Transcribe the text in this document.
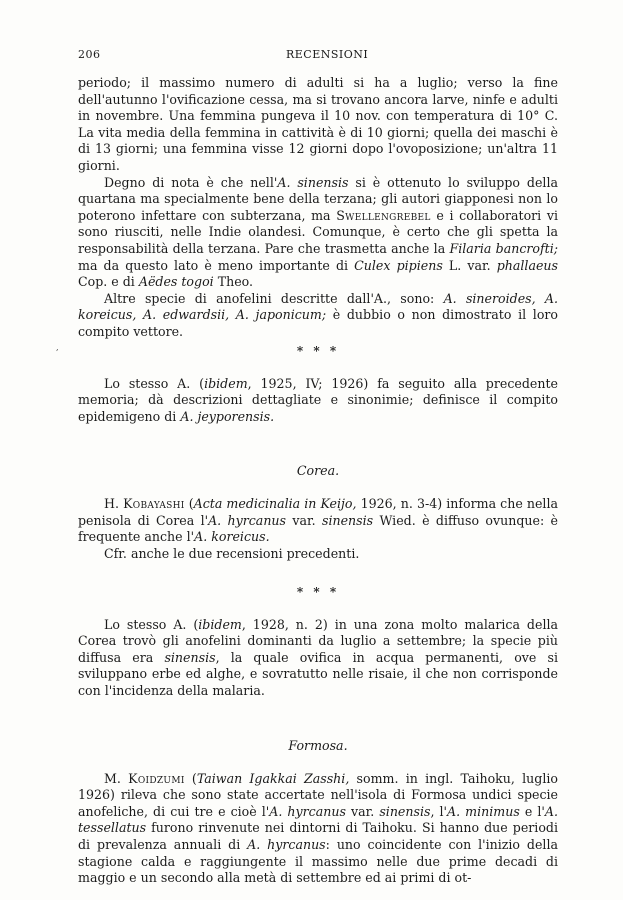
,
206	RECENSIONI

periodo; il massimo numero di adulti si ha a luglio; verso la fine dell'autunno l'ovificazione cessa, ma si trovano ancora larve, ninfe e adulti in novembre. Una femmina pungeva il 10 nov. con temperatura di 10° C. La vita media della femmina in cattività è di 10 giorni; quella dei maschi è di 13 giorni; una femmina visse 12 giorni dopo l'ovoposizione; un'altra 11 giorni.

Degno di nota è che nell'A. sinensis si è ottenuto lo sviluppo della quartana ma specialmente bene della terzana; gli autori giapponesi non lo poterono infettare con subterzana, ma Swellengrebel e i collaboratori vi sono riusciti, nelle Indie olandesi. Comunque, è certo che gli spetta la responsabilità della terzana. Pare che trasmetta anche la Filaria bancrofti; ma da questo lato è meno importante di Culex pipiens L. var. phallaeus Cop. e di Aëdes togoi Theo.

Altre specie di anofelini descritte dall'A., sono: A. sineroides, A. koreicus, A. edwardsii, A. japonicum; è dubbio o non dimostrato il loro compito vettore.

* * *

Lo stesso A. (ibidem, 1925, IV; 1926) fa seguito alla precedente memoria; dà descrizioni dettagliate e sinonimie; definisce il compito epidemigeno di A. jeyporensis.

Corea.

H. Kobayashi (Acta medicinalia in Keijo, 1926, n. 3-4) informa che nella penisola di Corea l'A. hyrcanus var. sinensis Wied. è diffuso ovunque: è frequente anche l'A. koreicus.

Cfr. anche le due recensioni precedenti.

* * *

Lo stesso A. (ibidem, 1928, n. 2) in una zona molto malarica della Corea trovò gli anofelini dominanti da luglio a settembre; la specie più diffusa era sinensis, la quale ovifica in acqua permanenti, ove si sviluppano erbe ed alghe, e sovratutto nelle risaie, il che non corrisponde con l'incidenza della malaria.

Formosa.

M. Koidzumi (Taiwan Igakkai Zasshi, somm. in ingl. Taihoku, luglio 1926) rileva che sono state accertate nell'isola di Formosa undici specie anofeliche, di cui tre e cioè l'A. hyrcanus var. sinensis, l'A. minimus e l'A. tessellatus furono rinvenute nei dintorni di Taihoku. Si hanno due periodi di prevalenza annuali di A. hyrcanus: uno coincidente con l'inizio della stagione calda e raggiungente il massimo nelle due prime decadi di maggio e un secondo alla metà di settembre ed ai primi di ot-
